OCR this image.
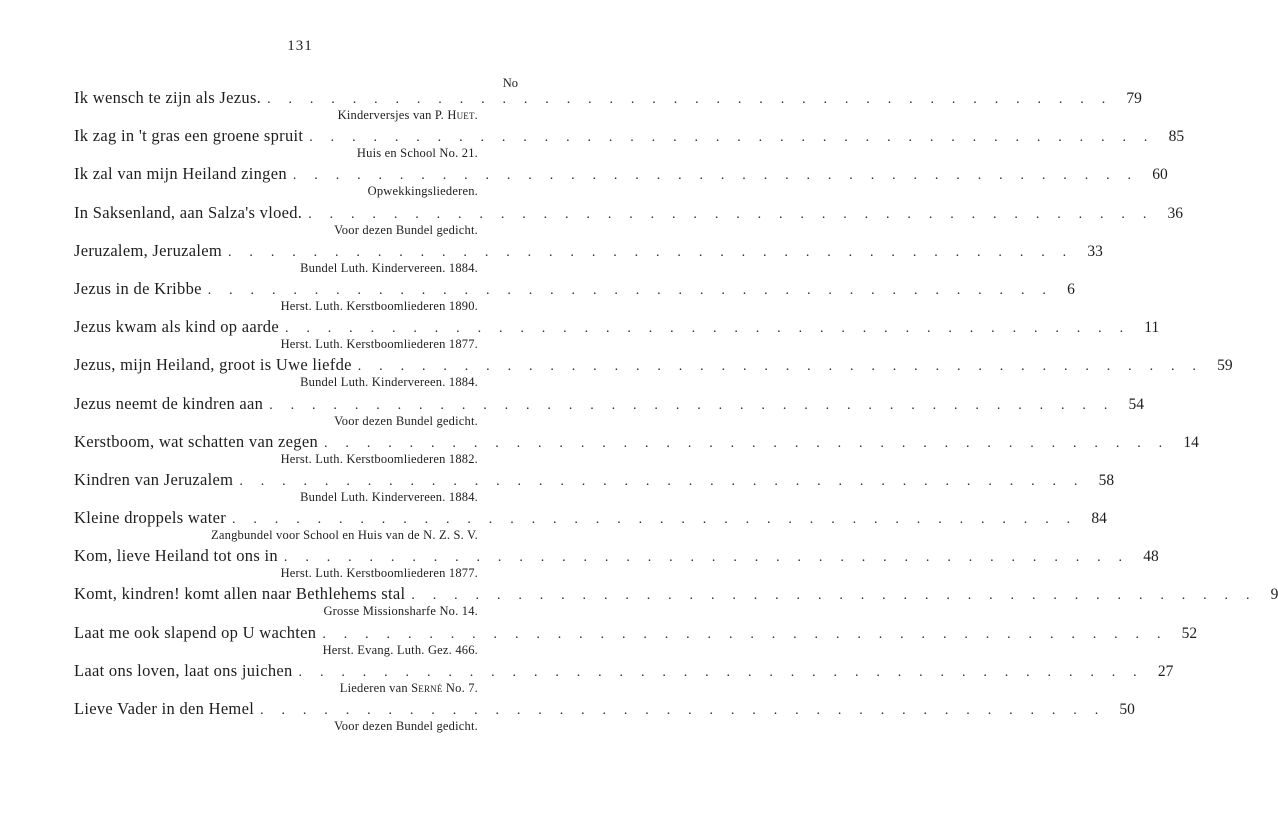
131
No
Ik wensch te zijn als Jezus. . . . . . . . . . . . . . . . . . . . . . . . . . . . . . . . . . . . . . . . . 79
Kinderversjes van P. Huet.
Ik zag in 't gras een groene spruit . . . . . . . . . . . . . . . . . . . . . . . . . . . . . . . . . . . . . . . . 85
Huis en School No. 21.
Ik zal van mijn Heiland zingen . . . . . . . . . . . . . . . . . . . . . . . . . . . . . . . . . . . . . . . . 60
Opwekkingsliederen.
In Saksenland, aan Salza's vloed. . . . . . . . . . . . . . . . . . . . . . . . . . . . . . . . . . . . . . . . . 36
Voor dezen Bundel gedicht.
Jeruzalem, Jeruzalem . . . . . . . . . . . . . . . . . . . . . . . . . . . . . . . . . . . . . . . . 33
Bundel Luth. Kindervereen. 1884.
Jezus in de Kribbe . . . . . . . . . . . . . . . . . . . . . . . . . . . . . . . . . . . . . . . . 6
Herst. Luth. Kerstboomliederen 1890.
Jezus kwam als kind op aarde . . . . . . . . . . . . . . . . . . . . . . . . . . . . . . . . . . . . . . . . 11
Herst. Luth. Kerstboomliederen 1877.
Jezus, mijn Heiland, groot is Uwe liefde . . . . . . . . . . . . . . . . . . . . . . . . . . . . . . . . . . . . . . . . 59
Bundel Luth. Kindervereen. 1884.
Jezus neemt de kindren aan . . . . . . . . . . . . . . . . . . . . . . . . . . . . . . . . . . . . . . . . 54
Voor dezen Bundel gedicht.
Kerstboom, wat schatten van zegen . . . . . . . . . . . . . . . . . . . . . . . . . . . . . . . . . . . . . . . . 14
Herst. Luth. Kerstboomliederen 1882.
Kindren van Jeruzalem . . . . . . . . . . . . . . . . . . . . . . . . . . . . . . . . . . . . . . . . 58
Bundel Luth. Kindervereen. 1884.
Kleine droppels water . . . . . . . . . . . . . . . . . . . . . . . . . . . . . . . . . . . . . . . . 84
Zangbundel voor School en Huis van de N. Z. S. V.
Kom, lieve Heiland tot ons in . . . . . . . . . . . . . . . . . . . . . . . . . . . . . . . . . . . . . . . . 48
Herst. Luth. Kerstboomliederen 1877.
Komt, kindren! komt allen naar Bethlehems stal . . . . . . . . . . . . . . . . . . . . . . . . . . . . . . . . . . . . . . . . 9
Grosse Missionsharfe No. 14.
Laat me ook slapend op U wachten . . . . . . . . . . . . . . . . . . . . . . . . . . . . . . . . . . . . . . . . 52
Herst. Evang. Luth. Gez. 466.
Laat ons loven, laat ons juichen . . . . . . . . . . . . . . . . . . . . . . . . . . . . . . . . . . . . . . . . 27
Liederen van Serné No. 7.
Lieve Vader in den Hemel . . . . . . . . . . . . . . . . . . . . . . . . . . . . . . . . . . . . . . . . 50
Voor dezen Bundel gedicht.
